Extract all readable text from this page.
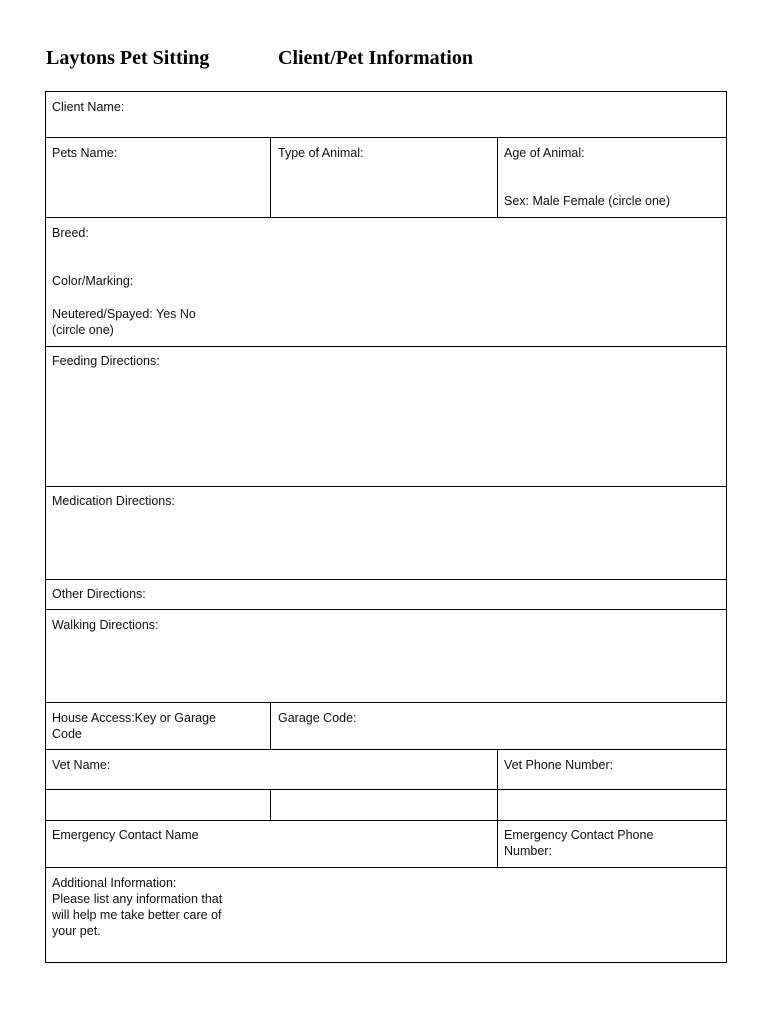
Laytons Pet Sitting	Client/Pet Information
Client Name:
Pets Name:	Type of Animal:	Age of Animal:
Sex: Male Female (circle one)
Breed:
Color/Marking:
Neutered/Spayed: Yes No
(circle one)
Feeding Directions:
Medication Directions:
Other Directions:
Walking Directions:
House Access:Key or Garage
Code
Garage Code:
Vet Name:	Vet Phone Number:
Emergency Contact Name	Emergency Contact Phone
Number:
Additional Information:
Please list any information that
will help me take better care of
your pet.
